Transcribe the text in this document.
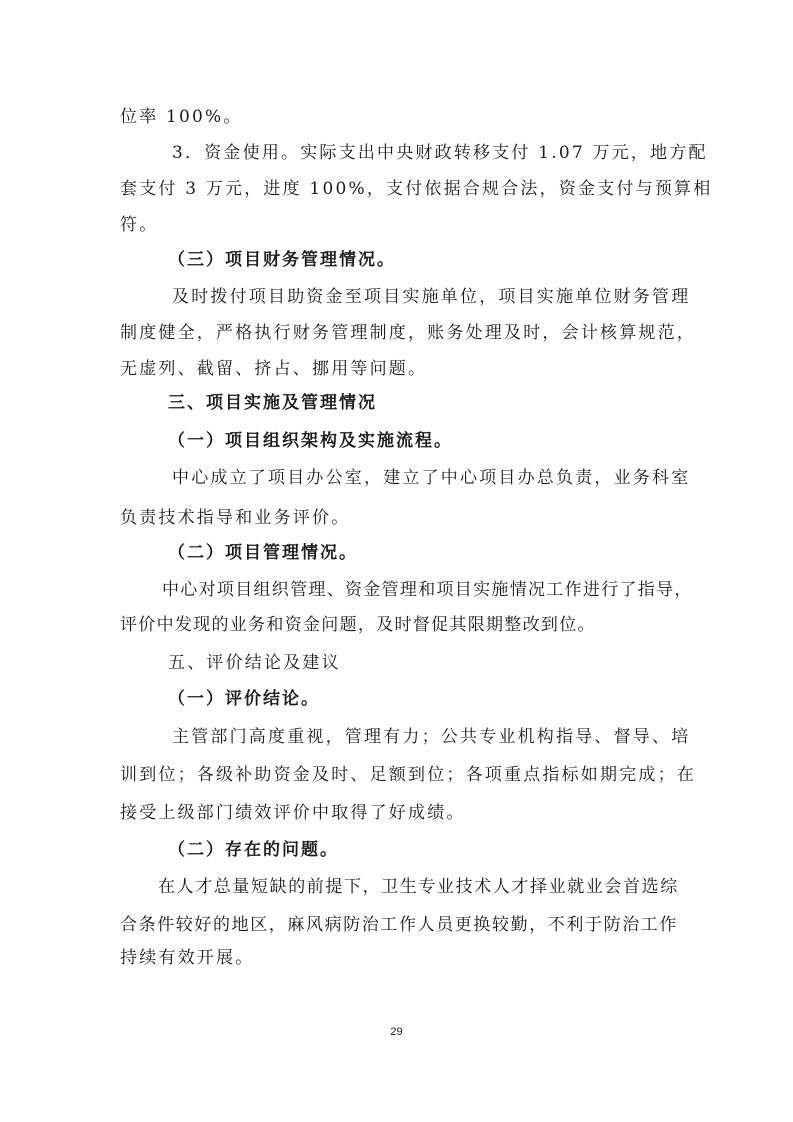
位率 100%。
3．资金使用。实际支出中央财政转移支付 1.07 万元，地方配
套支付 3 万元，进度 100%，支付依据合规合法，资金支付与预算相
符。
（三）项目财务管理情况。
及时拨付项目助资金至项目实施单位，项目实施单位财务管理
制度健全，严格执行财务管理制度，账务处理及时，会计核算规范，
无虚列、截留、挤占、挪用等问题。
三、项目实施及管理情况
（一）项目组织架构及实施流程。
中心成立了项目办公室，建立了中心项目办总负责，业务科室
负责技术指导和业务评价。
（二）项目管理情况。
中心对项目组织管理、资金管理和项目实施情况工作进行了指导，
评价中发现的业务和资金问题，及时督促其限期整改到位。
五、评价结论及建议
（一）评价结论。
主管部门高度重视，管理有力；公共专业机构指导、督导、培
训到位；各级补助资金及时、足额到位；各项重点指标如期完成；在
接受上级部门绩效评价中取得了好成绩。
（二）存在的问题。
在人才总量短缺的前提下，卫生专业技术人才择业就业会首选综
合条件较好的地区，麻风病防治工作人员更换较勤，不利于防治工作
持续有效开展。
29
